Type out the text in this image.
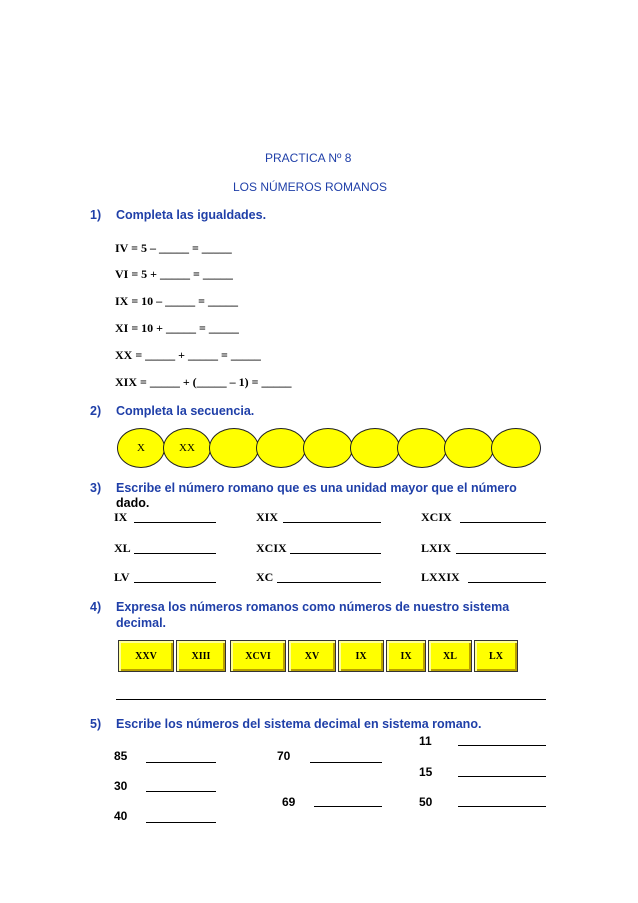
PRACTICA Nº 8
LOS NÚMEROS ROMANOS
1) Completa las igualdades.
IV = 5 – _____ = _____
VI = 5 + _____ = _____
IX = 10 – _____ = _____
XI = 10 + _____ = _____
XX = _____ + _____ = _____
XIX = _____ + (_____ – 1) = _____
2) Completa la secuencia.
X	XX
3) Escribe el número romano que es una unidad mayor que el número
dado.
IX	XIX	XCIX
XL	XCIX	LXIX
LV	XC	LXXIX
4) Expresa los números romanos como números de nuestro sistema
decimal.
XXV	XIII	XCVI	XV	IX	IX	XL	LX
5) Escribe los números del sistema decimal en sistema romano.
11
85	70
15
30
69	50
40
